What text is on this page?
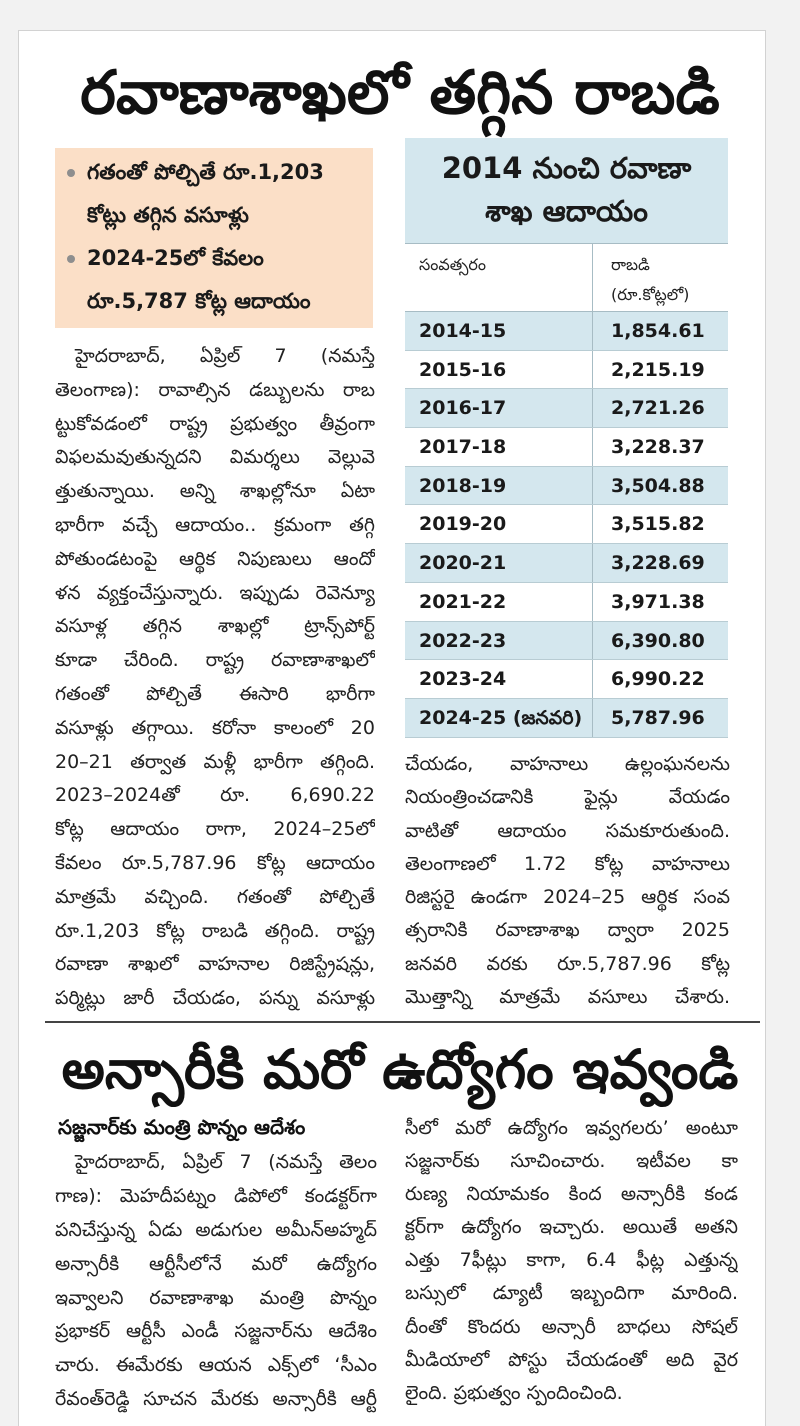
రవాణాశాఖలో తగ్గిన రాబడి
గతంతో పోల్చితే రూ.1,203
కోట్లు తగ్గిన వసూళ్లు
2024-25లో కేవలం
రూ.5,787 కోట్ల ఆదాయం
2014 నుంచి రవాణా
శాఖ ఆదాయం
సంవత్సరం	రాబడి
(రూ.కోట్లలో)
2014-15	1,854.61
2015-16	2,215.19
2016-17	2,721.26
2017-18	3,228.37
2018-19	3,504.88
2019-20	3,515.82
2020-21	3,228.69
2021-22	3,971.38
2022-23	6,390.80
2023-24	6,990.22
2024-25 (జనవరి)	5,787.96
హైదరాబాద్, ఏప్రిల్ 7 (నమస్తే
తెలంగాణ): రావాల్సిన డబ్బులను రాబ
ట్టుకోవడంలో రాష్ట్ర ప్రభుత్వం తీవ్రంగా
విఫలమవుతున్నదని విమర్శలు వెల్లువె
త్తుతున్నాయి. అన్ని శాఖల్లోనూ ఏటా
భారీగా వచ్చే ఆదాయం.. క్రమంగా తగ్గి
పోతుండటంపై ఆర్థిక నిపుణులు ఆందో
ళన వ్యక్తంచేస్తున్నారు. ఇప్పుడు రెవెన్యూ
వసూళ్ల తగ్గిన శాఖల్లో ట్రాన్స్‌పోర్ట్
కూడా చేరింది. రాష్ట్ర రవాణాశాఖలో
గతంతో పోల్చితే ఈసారి భారీగా
వసూళ్లు తగ్గాయి. కరోనా కాలంలో 20
20–21 తర్వాత మళ్లీ భారీగా తగ్గింది.
2023–2024తో రూ. 6,690.22
కోట్ల ఆదాయం రాగా, 2024–25లో
కేవలం రూ.5,787.96 కోట్ల ఆదాయం
మాత్రమే వచ్చింది. గతంతో పోల్చితే
రూ.1,203 కోట్ల రాబడి తగ్గింది. రాష్ట్ర
రవాణా శాఖలో వాహనాల రిజిస్ట్రేషన్లు,
పర్మిట్లు జారీ చేయడం, పన్ను వసూళ్లు
చేయడం, వాహనాలు ఉల్లంఘనలను
నియంత్రించడానికి ఫైన్లు వేయడం
వాటితో ఆదాయం సమకూరుతుంది.
తెలంగాణలో 1.72 కోట్ల వాహనాలు
రిజిస్టరై ఉండగా 2024–25 ఆర్థిక సంవ
త్సరానికి రవాణాశాఖ ద్వారా 2025
జనవరి వరకు రూ.5,787.96 కోట్ల
మొత్తాన్ని మాత్రమే వసూలు చేశారు.
అన్సారీకి మరో ఉద్యోగం ఇవ్వండి
సజ్జనార్‌కు మంత్రి పొన్నం ఆదేశం
హైదరాబాద్, ఏప్రిల్ 7 (నమస్తే తెలం
గాణ): మెహదీపట్నం డిపోలో కండక్టర్‌గా
పనిచేస్తున్న ఏడు అడుగుల అమీన్‌అహ్మద్
అన్సారీకి ఆర్టీసీలోనే మరో ఉద్యోగం
ఇవ్వాలని రవాణాశాఖ మంత్రి పొన్నం
ప్రభాకర్ ఆర్టీసీ ఎండీ సజ్జనార్‌ను ఆదేశిం
చారు. ఈమేరకు ఆయన ఎక్స్‌లో ‘సీఎం
రేవంత్‌రెడ్డి సూచన మేరకు అన్సారీకి ఆర్టీ
సీలో మరో ఉద్యోగం ఇవ్వగలరు’ అంటూ
సజ్జనార్‌కు సూచించారు. ఇటీవల కా
రుణ్య నియామకం కింద అన్సారీకి కండ
క్టర్‌గా ఉద్యోగం ఇచ్చారు. అయితే అతని
ఎత్తు 7ఫీట్లు కాగా, 6.4 ఫీట్ల ఎత్తున్న
బస్సులో డ్యూటీ ఇబ్బందిగా మారింది.
దీంతో కొందరు అన్సారీ బాధలు సోషల్
మీడియాలో పోస్టు చేయడంతో అది వైర
లైంది. ప్రభుత్వం స్పందించింది.
